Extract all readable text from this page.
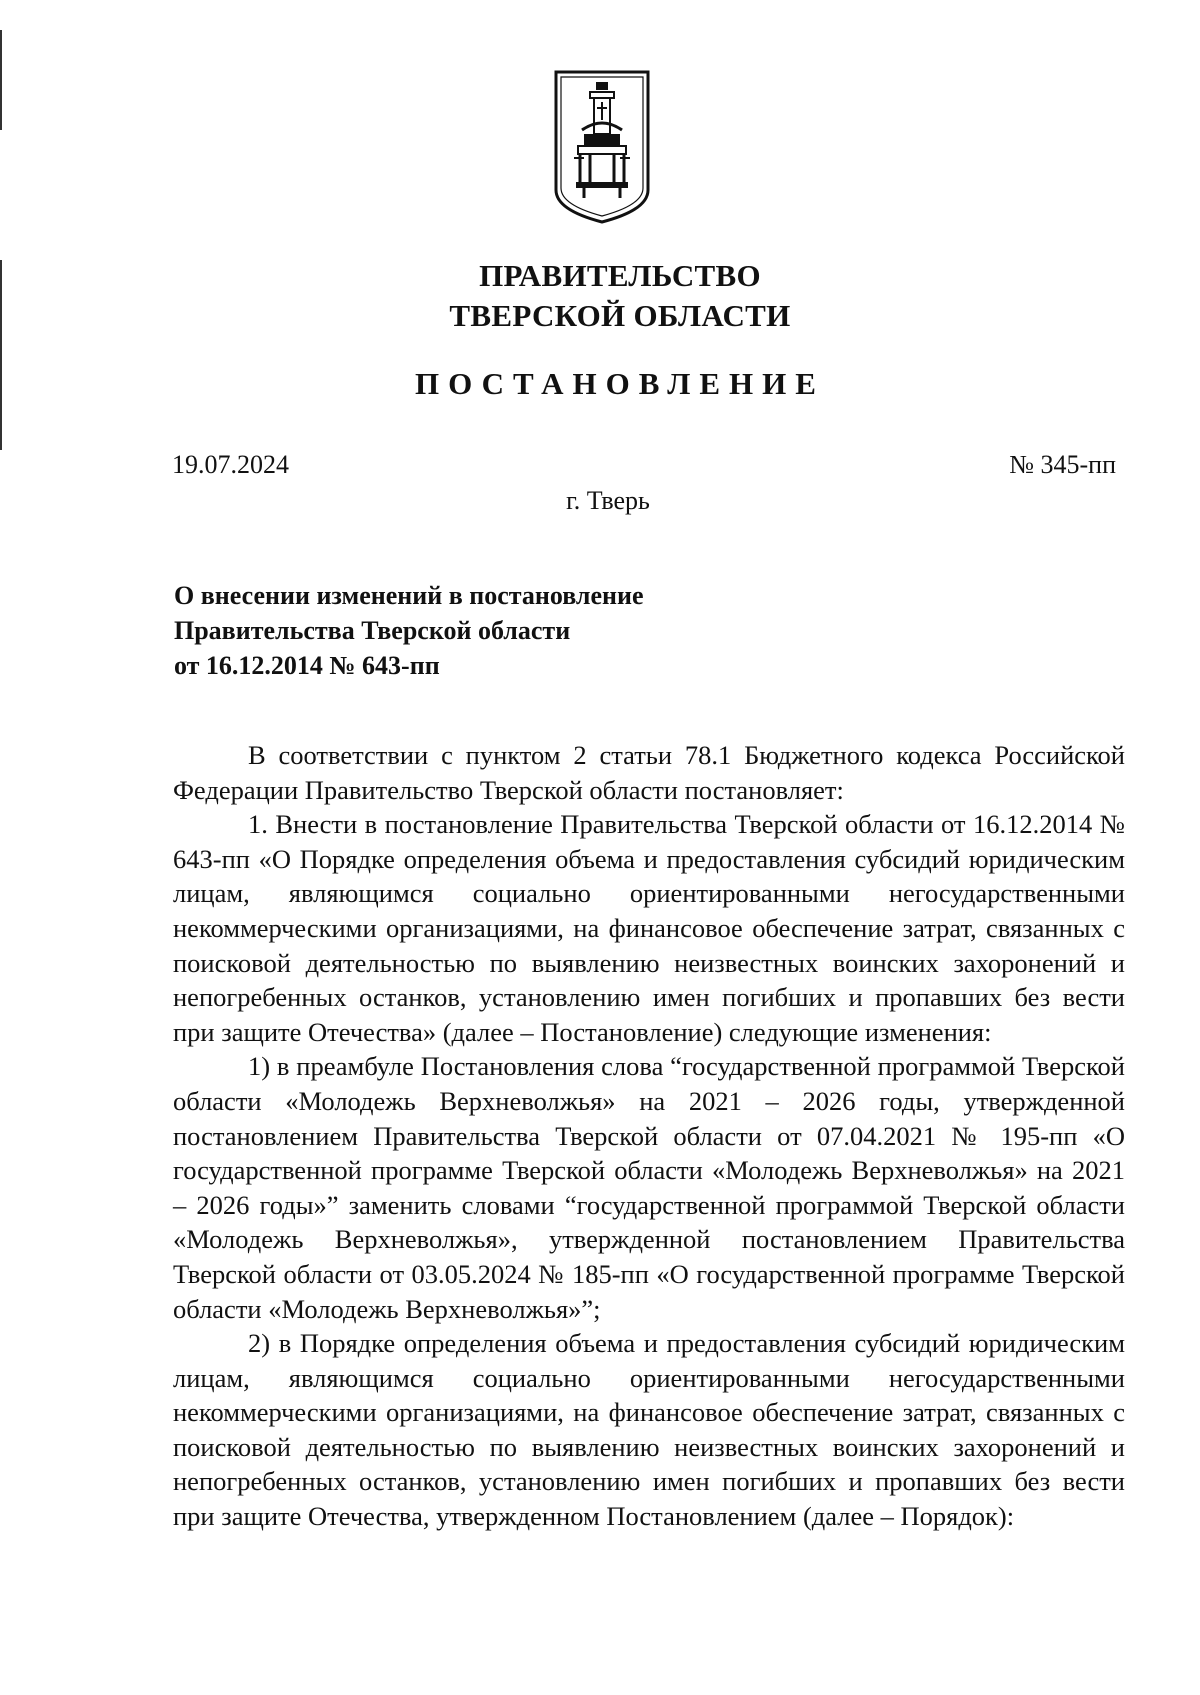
ПРАВИТЕЛЬСТВО
ТВЕРСКОЙ ОБЛАСТИ
ПОСТАНОВЛЕНИЕ
19.07.2024	№ 345-пп
г. Тверь
О внесении изменений в постановление
Правительства Тверской области
от 16.12.2014 № 643-пп

В соответствии с пунктом 2 статьи 78.1 Бюджетного кодекса Российской Федерации Правительство Тверской области постановляет:

1. Внести в постановление Правительства Тверской области от 16.12.2014 № 643-пп «О Порядке определения объема и предоставления субсидий юридическим лицам, являющимся социально ориентированными негосударственными некоммерческими организациями, на финансовое обеспечение затрат, связанных с поисковой деятельностью по выявлению неизвестных воинских захоронений и непогребенных останков, установлению имен погибших и пропавших без вести при защите Отечества» (далее – Постановление) следующие изменения:

1) в преамбуле Постановления слова “государственной программой Тверской области «Молодежь Верхневолжья» на 2021 – 2026 годы, утвержденной постановлением Правительства Тверской области от 07.04.2021 № 195-пп «О государственной программе Тверской области «Молодежь Верхневолжья» на 2021 – 2026 годы»” заменить словами “государственной программой Тверской области «Молодежь Верхневолжья», утвержденной постановлением Правительства Тверской области от 03.05.2024 № 185-пп «О государственной программе Тверской области «Молодежь Верхневолжья»”;

2) в Порядке определения объема и предоставления субсидий юридическим лицам, являющимся социально ориентированными негосударственными некоммерческими организациями, на финансовое обеспечение затрат, связанных с поисковой деятельностью по выявлению неизвестных воинских захоронений и непогребенных останков, установлению имен погибших и пропавших без вести при защите Отечества, утвержденном Постановлением (далее – Порядок):
